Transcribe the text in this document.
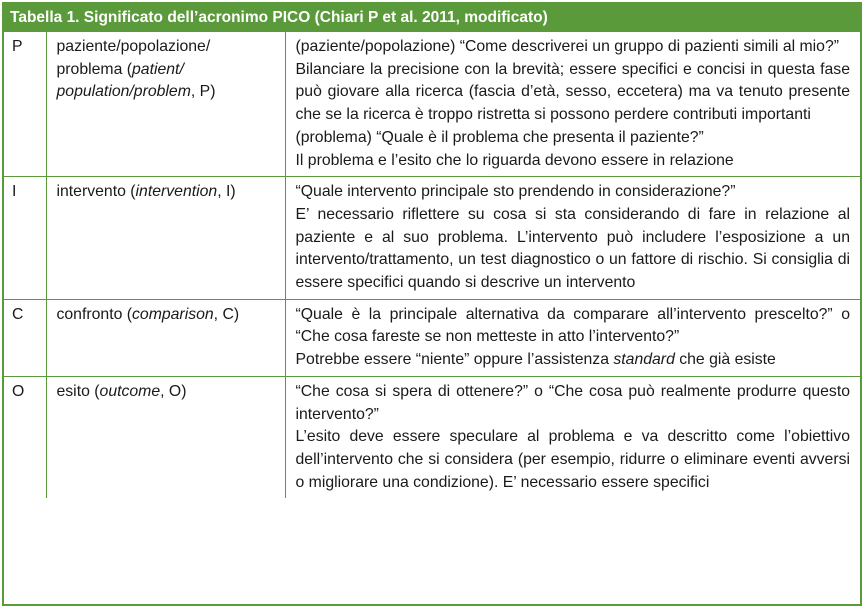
Tabella 1. Significato dell’acronimo PICO (Chiari P et al. 2011, modificato)
P	paziente/popolazione/ problema (patient/ population/problem, P)	(paziente/popolazione) “Come descriverei un gruppo di pazienti simili al mio?”
Bilanciare la precisione con la brevità; essere specifici e concisi in questa fase può giovare alla ricerca (fascia d’età, sesso, eccetera) ma va tenuto presente che se la ricerca è troppo ristretta si possono perdere contributi importanti
(problema) “Quale è il problema che presenta il paziente?”
Il problema e l’esito che lo riguarda devono essere in relazione

I	intervento (intervention, I)	“Quale intervento principale sto prendendo in considerazione?”
E’ necessario riflettere su cosa si sta considerando di fare in relazione al paziente e al suo problema. L’intervento può includere l’esposizione a un intervento/trattamento, un test diagnostico o un fattore di rischio. Si consiglia di essere specifici quando si descrive un intervento

C	confronto (comparison, C)	“Quale è la principale alternativa da comparare all’intervento prescelto?” o “Che cosa fareste se non metteste in atto l’intervento?”
Potrebbe essere “niente” oppure l’assistenza standard che già esiste

O	esito (outcome, O)	“Che cosa si spera di ottenere?” o “Che cosa può realmente produrre questo intervento?”
L’esito deve essere speculare al problema e va descritto come l’obiettivo dell’intervento che si considera (per esempio, ridurre o eliminare eventi avversi o migliorare una condizione). E’ necessario essere specifici
